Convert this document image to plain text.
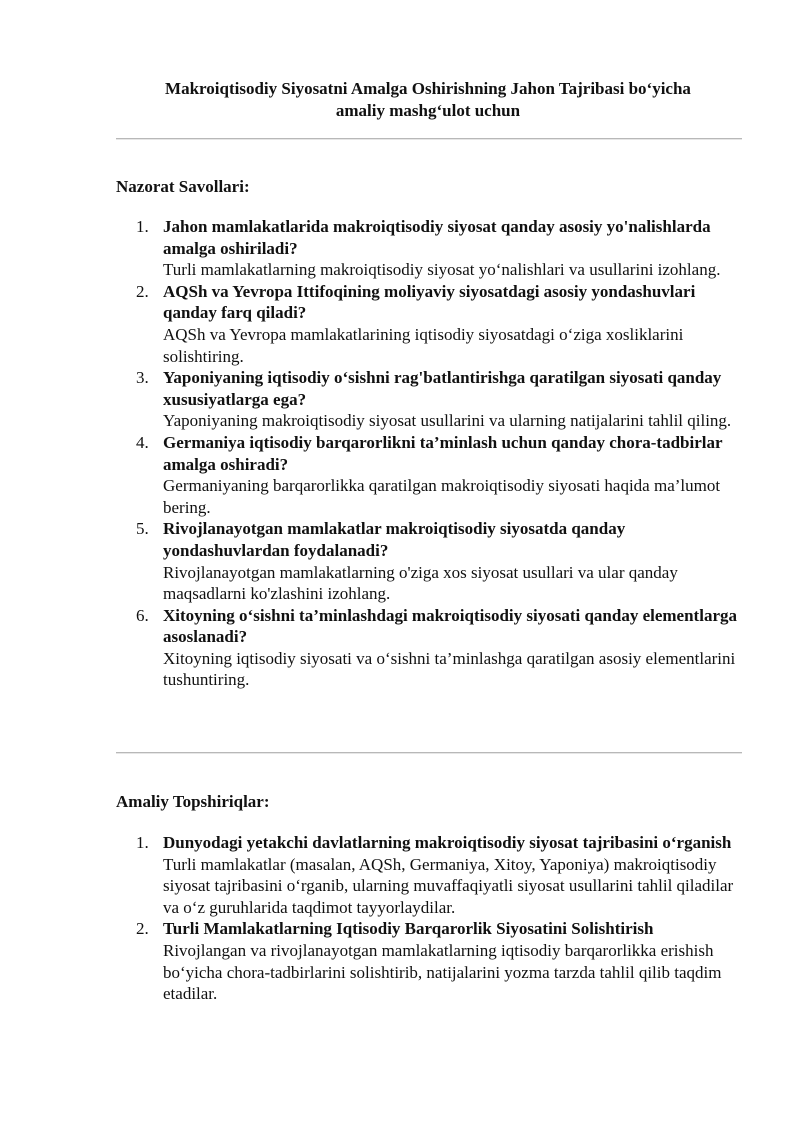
Makroiqtisodiy Siyosatni Amalga Oshirishning Jahon Tajribasi bo‘yicha
amaliy mashg‘ulot uchun
Nazorat Savollari:
1. Jahon mamlakatlarida makroiqtisodiy siyosat qanday asosiy yo'nalishlarda amalga oshiriladi?
Turli mamlakatlarning makroiqtisodiy siyosat yo‘nalishlari va usullarini izohlang.
2. AQSh va Yevropa Ittifoqining moliyaviy siyosatdagi asosiy yondashuvlari qanday farq qiladi?
AQSh va Yevropa mamlakatlarining iqtisodiy siyosatdagi o‘ziga xosliklarini solishtiring.
3. Yaponiyaning iqtisodiy o‘sishni rag'batlantirishga qaratilgan siyosati qanday xususiyatlarga ega?
Yaponiyaning makroiqtisodiy siyosat usullarini va ularning natijalarini tahlil qiling.
4. Germaniya iqtisodiy barqarorlikni ta’minlash uchun qanday chora-tadbirlar amalga oshiradi?
Germaniyaning barqarorlikka qaratilgan makroiqtisodiy siyosati haqida ma’lumot bering.
5. Rivojlanayotgan mamlakatlar makroiqtisodiy siyosatda qanday yondashuvlardan foydalanadi?
Rivojlanayotgan mamlakatlarning o'ziga xos siyosat usullari va ular qanday maqsadlarni ko'zlashini izohlang.
6. Xitoyning o‘sishni ta’minlashdagi makroiqtisodiy siyosati qanday elementlarga asoslanadi?
Xitoyning iqtisodiy siyosati va o‘sishni ta’minlashga qaratilgan asosiy elementlarini tushuntiring.
Amaliy Topshiriqlar:
1. Dunyodagi yetakchi davlatlarning makroiqtisodiy siyosat tajribasini o‘rganish
Turli mamlakatlar (masalan, AQSh, Germaniya, Xitoy, Yaponiya) makroiqtisodiy siyosat tajribasini o‘rganib, ularning muvaffaqiyatli siyosat usullarini tahlil qiladilar va o‘z guruhlarida taqdimot tayyorlaydilar.
2. Turli Mamlakatlarning Iqtisodiy Barqarorlik Siyosatini Solishtirish
Rivojlangan va rivojlanayotgan mamlakatlarning iqtisodiy barqarorlikka erishish bo‘yicha chora-tadbirlarini solishtirib, natijalarini yozma tarzda tahlil qilib taqdim etadilar.
